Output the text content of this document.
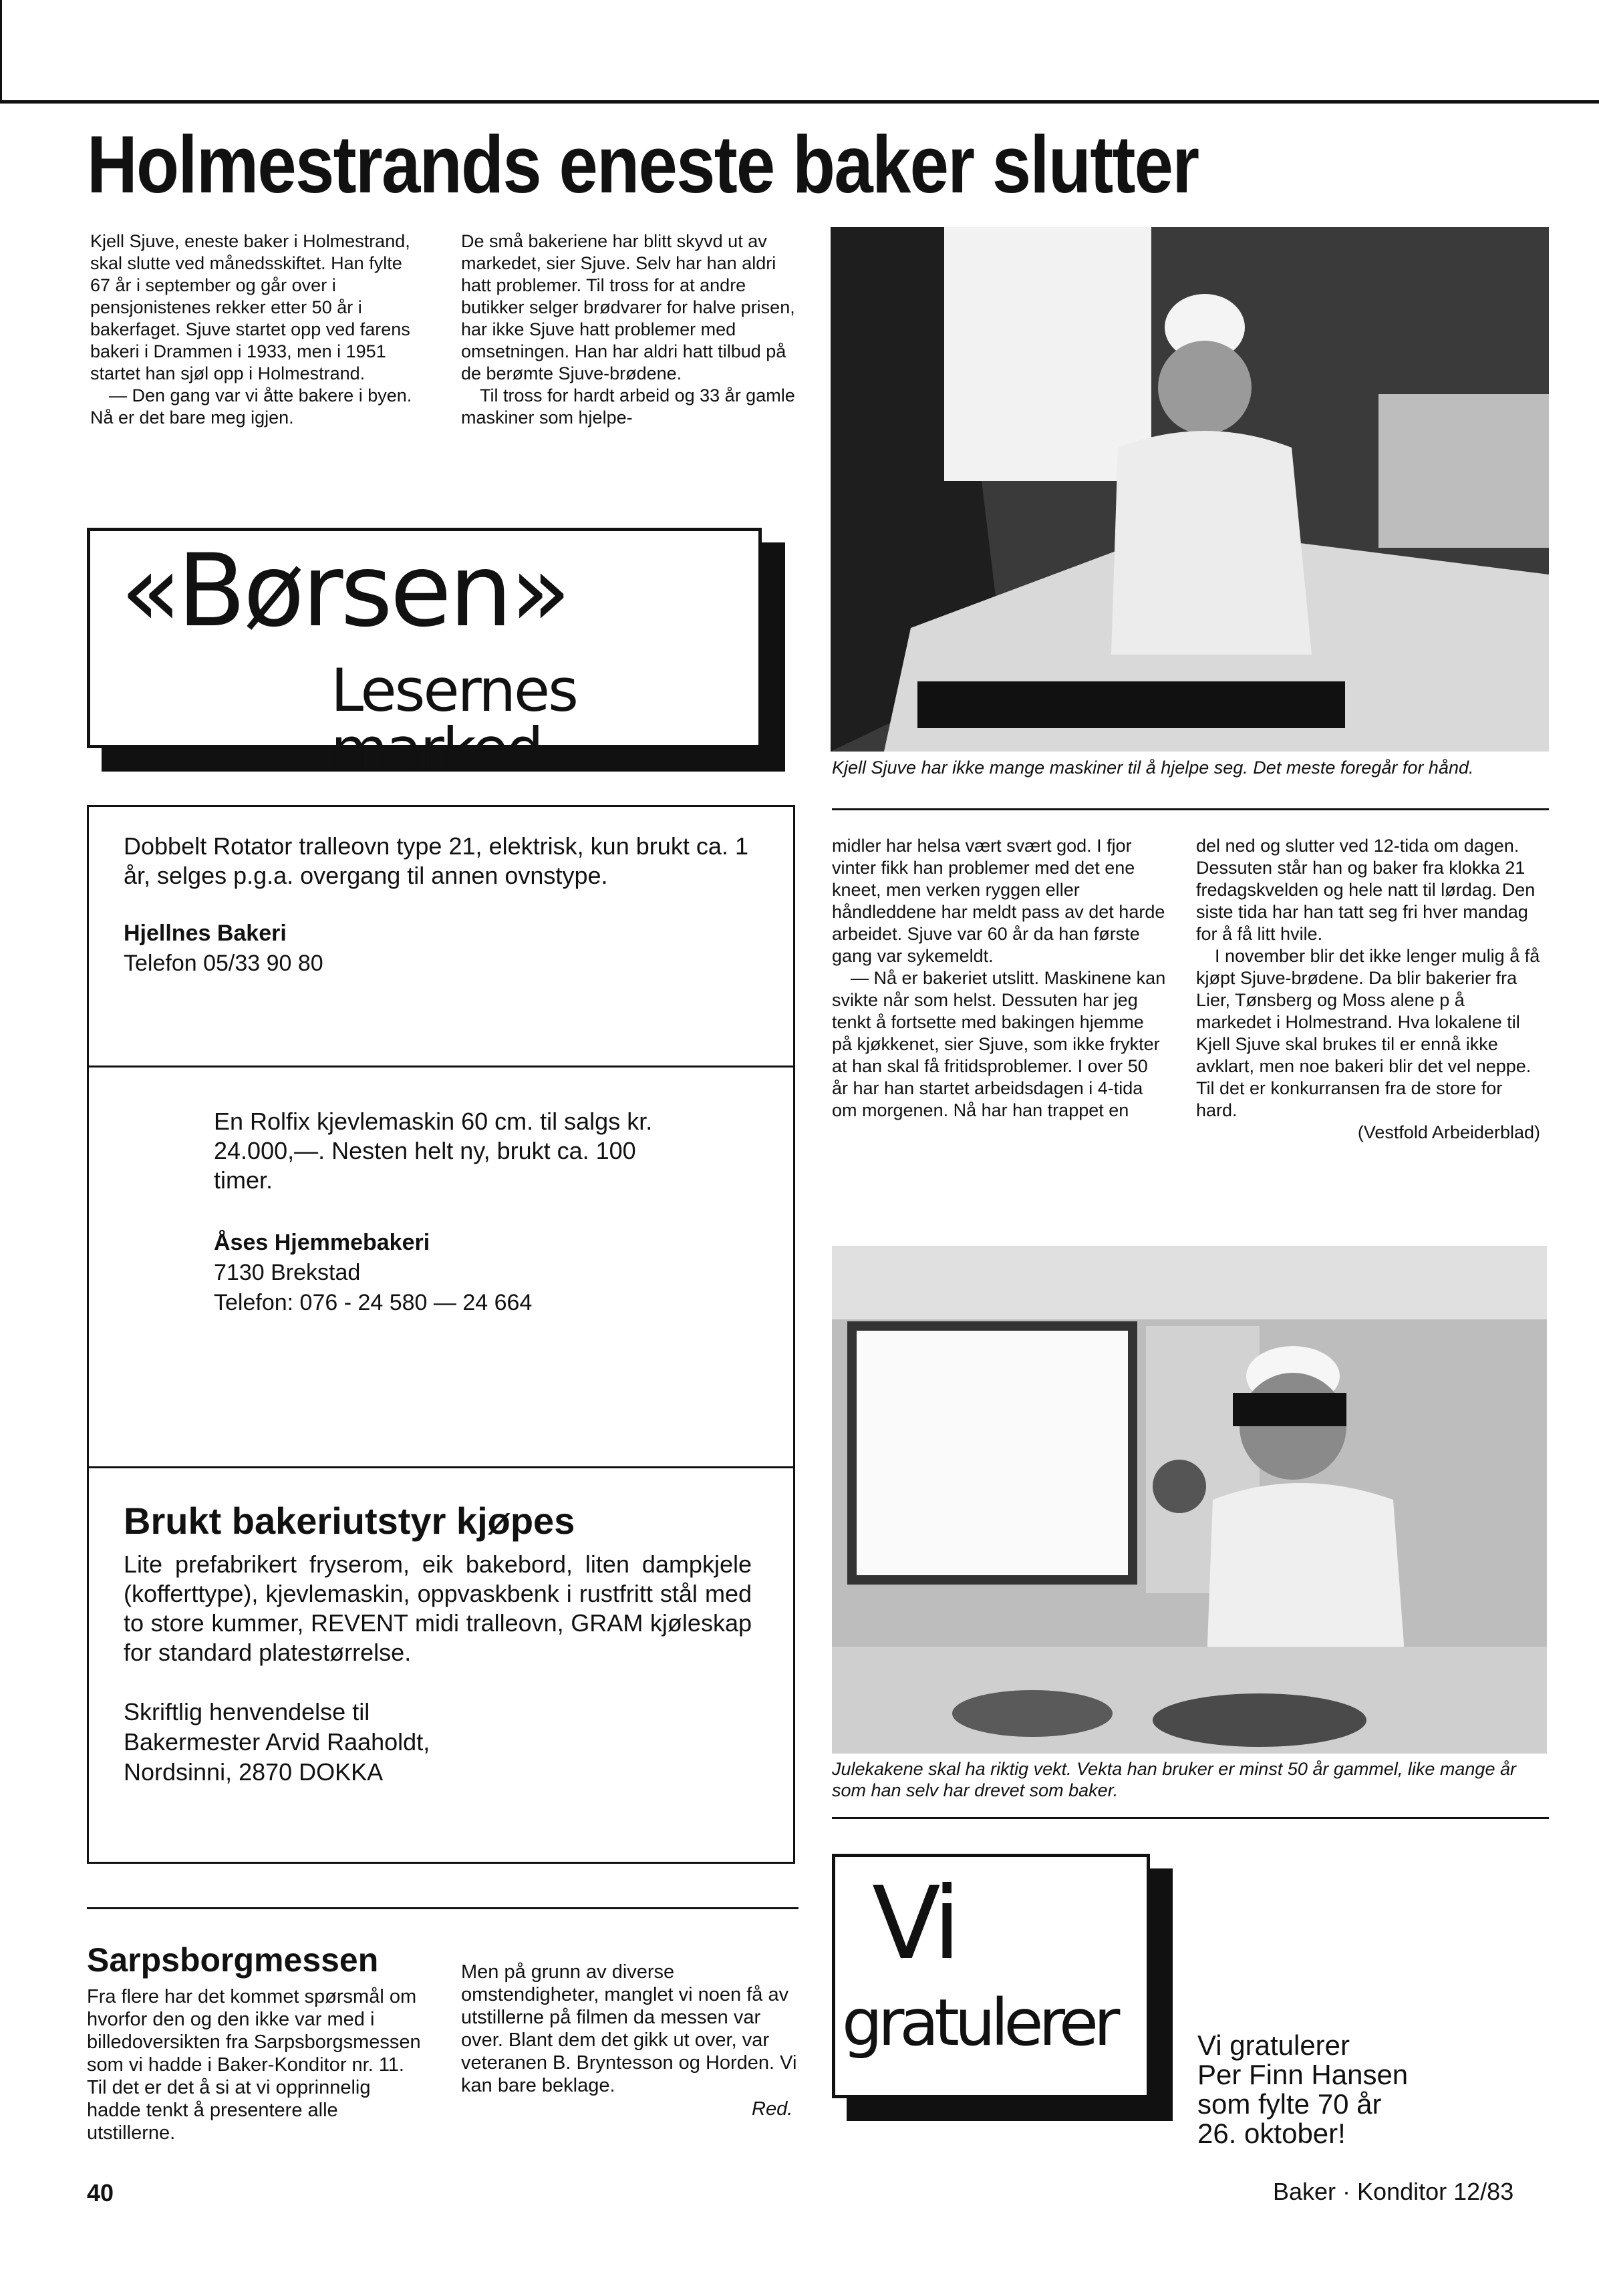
Holmestrands eneste baker slutter

Kjell Sjuve, eneste baker i Holmestrand, skal slutte ved månedsskiftet. Han fylte 67 år i september og går over i pensjonistenes rekker etter 50 år i bakerfaget. Sjuve startet opp ved farens bakeri i Drammen i 1933, men i 1951 startet han sjøl opp i Holmestrand.

— Den gang var vi åtte bakere i byen. Nå er det bare meg igjen.

De små bakeriene har blitt skyvd ut av markedet, sier Sjuve. Selv har han aldri hatt problemer. Til tross for at andre butikker selger brødvarer for halve prisen, har ikke Sjuve hatt problemer med omsetningen. Han har aldri hatt tilbud på de berømte Sjuve-brødene.

Til tross for hardt arbeid og 33 år gamle maskiner som hjelpe-

Kjell Sjuve har ikke mange maskiner til å hjelpe seg. Det meste foregår for hånd.
«Børsen»
Lesernes marked
Dobbelt Rotator tralleovn type 21, elektrisk, kun brukt ca. 1 år, selges p.g.a. overgang til annen ovnstype.
Hjellnes Bakeri
Telefon 05/33 90 80
En Rolfix kjevlemaskin 60 cm. til salgs kr. 24.000,—. Nesten helt ny, brukt ca. 100 timer.
Åses Hjemmebakeri
7130 Brekstad
Telefon: 076 - 24 580 — 24 664
Brukt bakeriutstyr kjøpes
Lite prefabrikert fryserom, eik bakebord, liten dampkjele (kofferttype), kjevlemaskin, oppvaskbenk i rustfritt stål med to store kummer, REVENT midi tralleovn, GRAM kjøleskap for standard platestørrelse.
Skriftlig henvendelse til
Bakermester Arvid Raaholdt,
Nordsinni, 2870 DOKKA

midler har helsa vært svært god. I fjor vinter fikk han problemer med det ene kneet, men verken ryggen eller håndleddene har meldt pass av det harde arbeidet. Sjuve var 60 år da han første gang var sykemeldt.

— Nå er bakeriet utslitt. Maskinene kan svikte når som helst. Dessuten har jeg tenkt å fortsette med bakingen hjemme på kjøkkenet, sier Sjuve, som ikke frykter at han skal få fritidsproblemer. I over 50 år har han startet arbeidsdagen i 4-tida om morgenen. Nå har han trappet en

del ned og slutter ved 12-tida om dagen. Dessuten står han og baker fra klokka 21 fredagskvelden og hele natt til lørdag. Den siste tida har han tatt seg fri hver mandag for å få litt hvile.

I november blir det ikke lenger mulig å få kjøpt Sjuve-brødene. Da blir bakerier fra Lier, Tønsberg og Moss alene p å markedet i Holmestrand. Hva lokalene til Kjell Sjuve skal brukes til er ennå ikke avklart, men noe bakeri blir det vel neppe. Til det er konkurransen fra de store for hard.

(Vestfold Arbeiderblad)

Julekakene skal ha riktig vekt. Vekta han bruker er minst 50 år gammel, like mange år som han selv har drevet som baker.
Sarpsborgmessen
Fra flere har det kommet spørsmål om hvorfor den og den ikke var med i billedoversikten fra Sarpsborgsmessen som vi hadde i Baker-Konditor nr. 11. Til det er det å si at vi opprinnelig hadde tenkt å presentere alle utstillerne.
Men på grunn av diverse omstendigheter, manglet vi noen få av utstillerne på filmen da messen var over. Blant dem det gikk ut over, var veteranen B. Bryntesson og Horden. Vi kan bare beklage.
Red.
Vi
gratulerer	Vi gratulerer
Per Finn Hansen
som fylte 70 år
26. oktober!
40	Baker · Konditor 12/83
